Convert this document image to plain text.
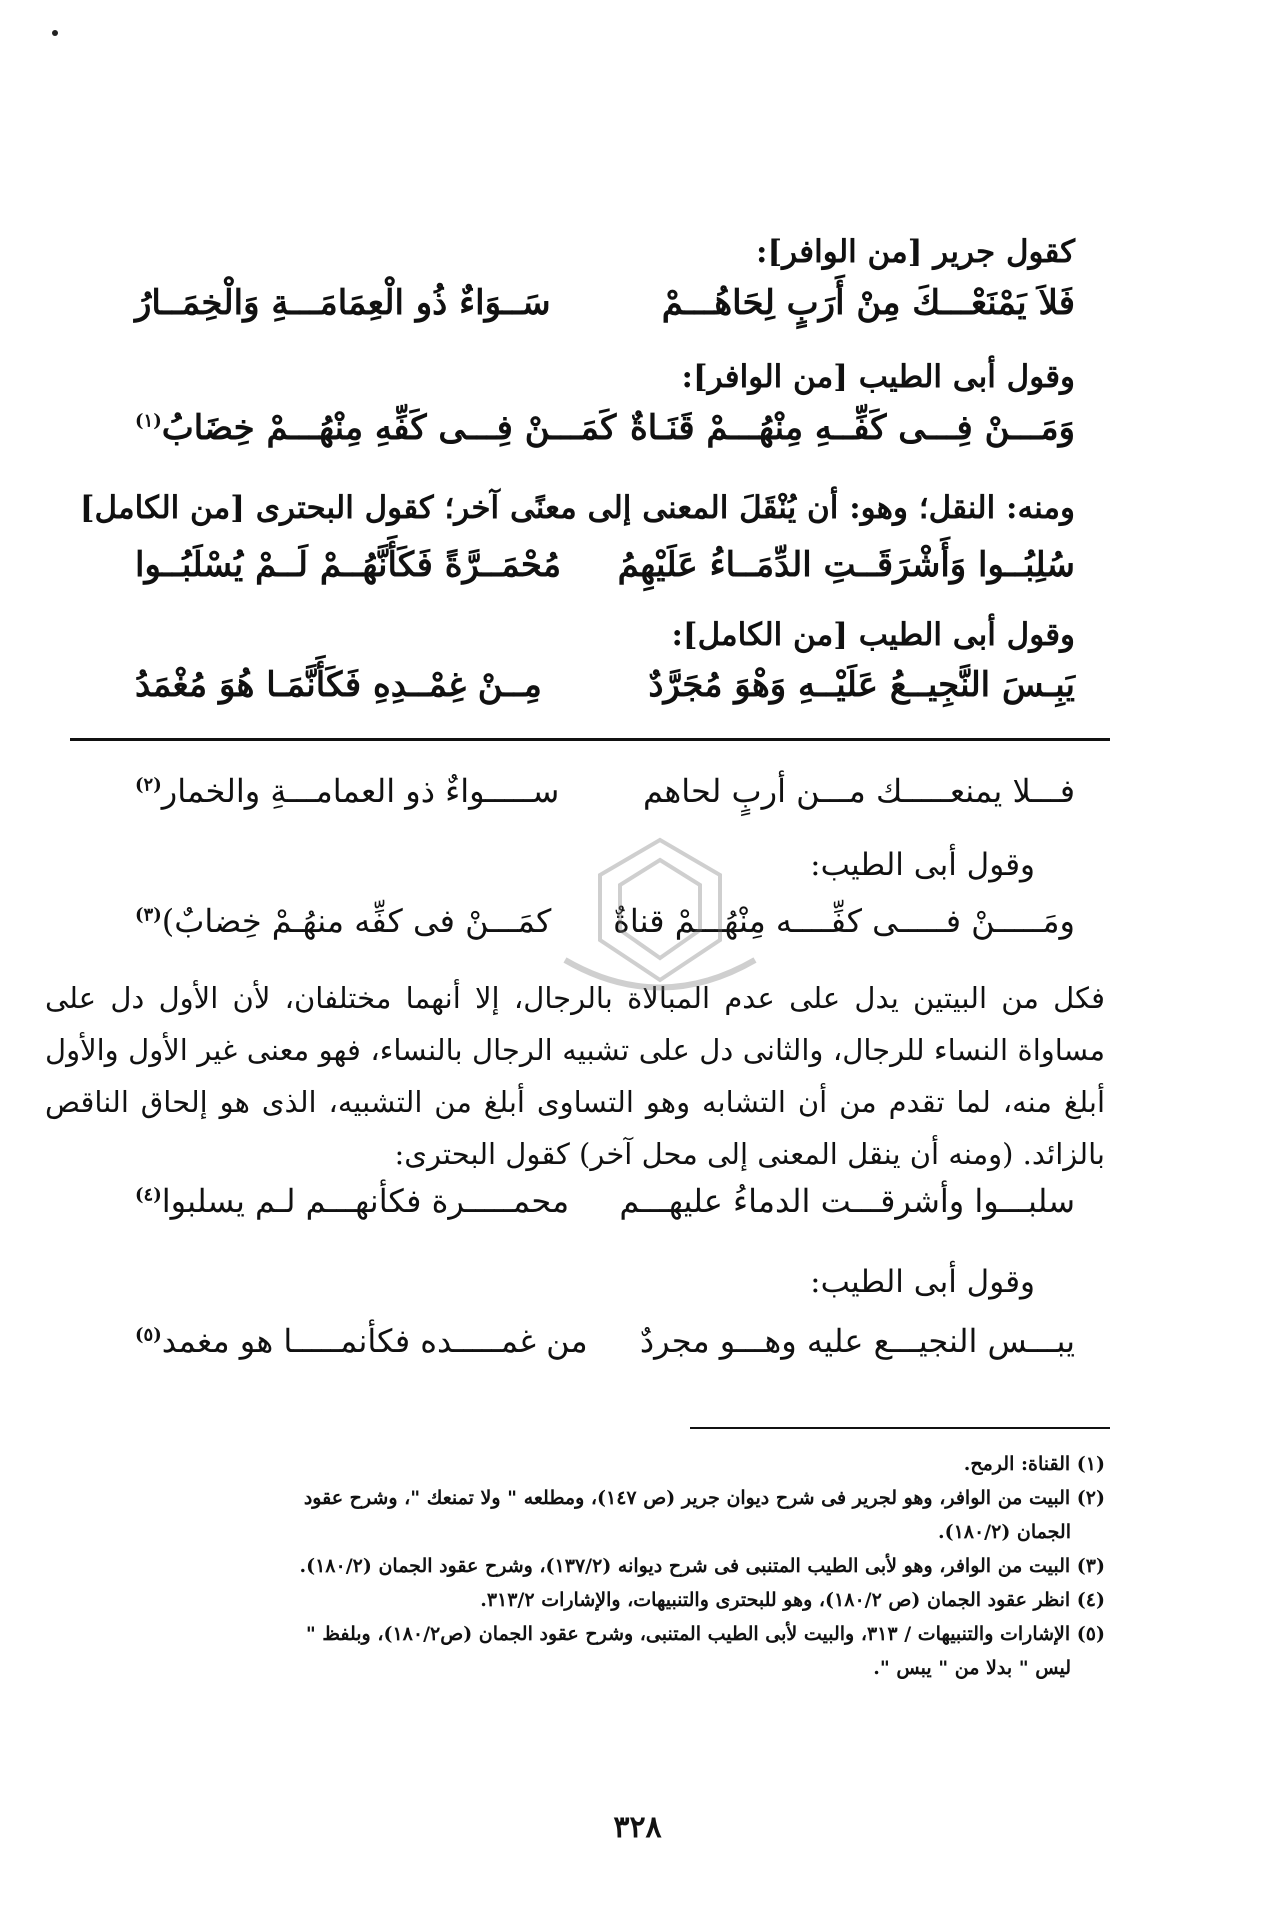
كقول جرير [من الوافر]:
فَلاَ يَمْنَعْـــكَ مِنْ أَرَبٍ لِحَاهُـــمْ
سَــوَاءٌ ذُو الْعِمَامَـــةِ وَالْخِمَــارُ
وقول أبى الطيب [من الوافر]:
وَمَـــنْ فِـــى كَفِّــهِ مِنْهُـــمْ قَنَـاةٌ
كَمَـــنْ فِـــى كَفِّهِ مِنْهُـــمْ خِضَابُ$^{(١)}$
ومنه: النقل؛ وهو: أن يُنْقَلَ المعنى إلى معنًى آخر؛ كقول البحترى [من الكامل]
سُلِبُــوا وَأَشْرَقَــتِ الدِّمَــاءُ عَلَيْهِمُ
مُحْمَــرَّةً فَكَأَنَّهُــمْ لَــمْ يُسْلَبُــوا
وقول أبى الطيب [من الكامل]:
يَبِـسَ النَّجِيــعُ عَلَيْــهِ وَهْوَ مُجَرَّدٌ
مِــنْ غِمْــدِهِ فَكَأَنَّمَـا هُوَ مُغْمَدُ
فـــلا يمنعـــــك مـــن أربٍ لحاهم
ســـــواءٌ ذو العمامـــةِ والخمار$^{(٢)}$
وقول أبى الطيب:
ومَـــــنْ فـــــى كفِّــــه مِنْهُـــمْ قناةٌ
كمَـــنْ فى كفِّه منهُـمْ خِضابٌ)$^{(٣)}$
فكل من البيتين يدل على عدم المبالاة بالرجال، إلا أنهما مختلفان، لأن الأول دل على مساواة النساء للرجال، والثانى دل على تشبيه الرجال بالنساء، فهو معنى غير الأول والأول أبلغ منه، لما تقدم من أن التشابه وهو التساوى أبلغ من التشبيه، الذى هو إلحاق الناقص بالزائد. (ومنه أن ينقل المعنى إلى محل آخر) كقول البحترى:
سلبـــوا وأشرقـــت الدماءُ عليهـــم
محمـــــرة فكأنهـــم لـم يسلبوا$^{(٤)}$
وقول أبى الطيب:
يبـــس النجيـــع عليه وهـــو مجردٌ
من غمـــــده فكأنمـــــا هو مغمد$^{(٥)}$
(١) القناة: الرمح.
(٢) البيت من الوافر، وهو لجرير فى شرح ديوان جرير (ص ١٤٧)، ومطلعه " ولا تمنعك "، وشرح عقود
الجمان (١٨٠/٢).
(٣) البيت من الوافر، وهو لأبى الطيب المتنبى فى شرح ديوانه (١٣٧/٢)، وشرح عقود الجمان (١٨٠/٢).
(٤) انظر عقود الجمان (ص ١٨٠/٢)، وهو للبحترى والتنبيهات، والإشارات ٣١٣/٢.
(٥) الإشارات والتنبيهات / ٣١٣، والبيت لأبى الطيب المتنبى، وشرح عقود الجمان (ص١٨٠/٢)، وبلفظ "
ليس " بدلا من " يبس ".
٣٢٨
